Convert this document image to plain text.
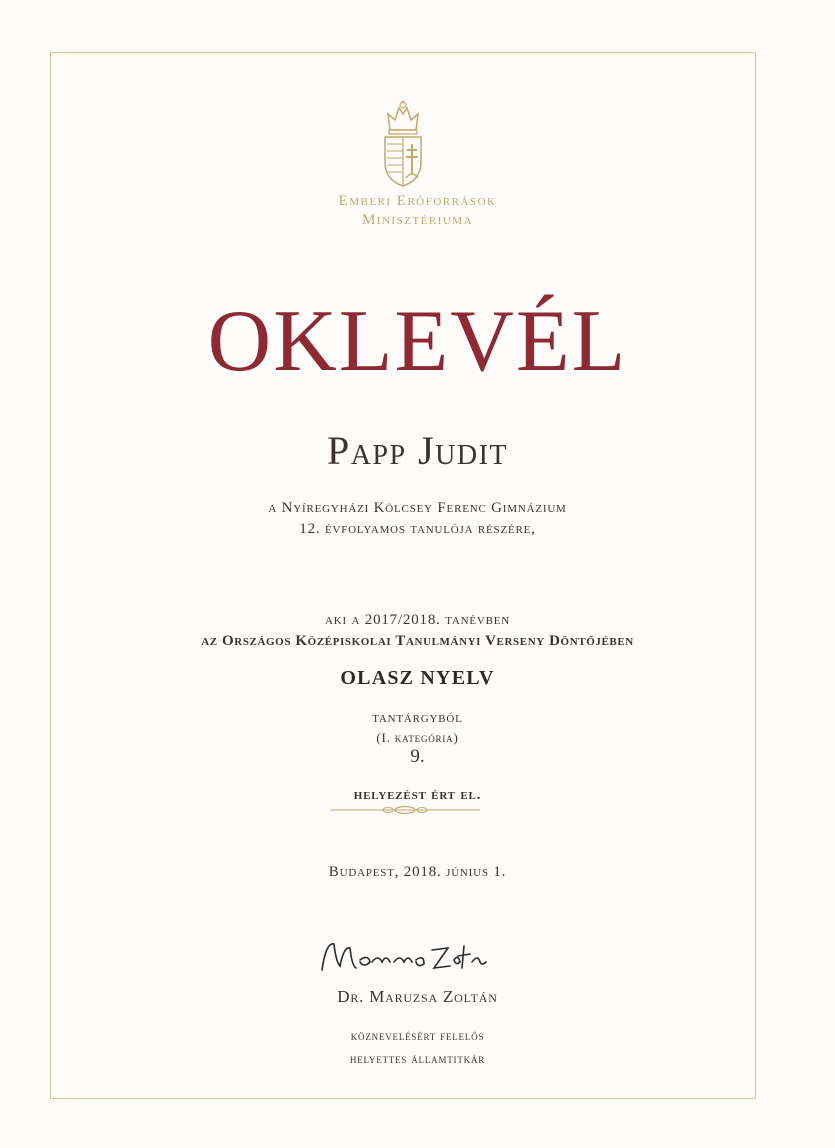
Emberi Erőforrások
Minisztériuma
OKLEVÉL
Papp Judit
a Nyíregyházi Kölcsey Ferenc Gimnázium
12. évfolyamos tanulója részére,
aki a 2017/2018. tanévben
az Országos Középiskolai Tanulmányi Verseny Döntőjében
OLASZ NYELV
tantárgyból
(I. kategória)
9.
helyezést ért el.
Budapest, 2018. június 1.
Dr. Maruzsa Zoltán
köznevelésért felelős
helyettes államtitkár
